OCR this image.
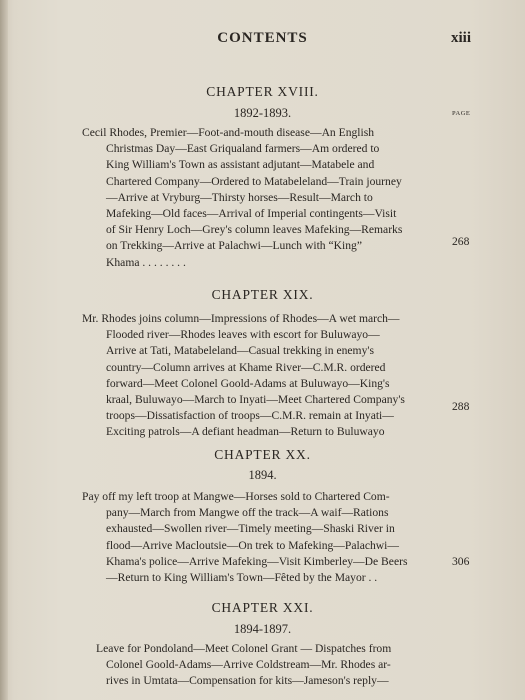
CONTENTS	xiii
CHAPTER XVIII.
1892-1893.	PAGE
Cecil Rhodes, Premier—Foot-and-mouth disease—An English
Christmas Day—East Griqualand farmers—Am ordered to
King William's Town as assistant adjutant—Matabele and
Chartered Company—Ordered to Matabeleland—Train journey
—Arrive at Vryburg—Thirsty horses—Result—March to
Mafeking—Old faces—Arrival of Imperial contingents—Visit
of Sir Henry Loch—Grey's column leaves Mafeking—Remarks
on Trekking—Arrive at Palachwi—Lunch with “King”
Khama . . . . . . . .
268
CHAPTER XIX.
Mr. Rhodes joins column—Impressions of Rhodes—A wet march—
Flooded river—Rhodes leaves with escort for Buluwayo—
Arrive at Tati, Matabeleland—Casual trekking in enemy's
country—Column arrives at Khame River—C.M.R. ordered
forward—Meet Colonel Goold-Adams at Buluwayo—King's
kraal, Buluwayo—March to Inyati—Meet Chartered Company's
troops—Dissatisfaction of troops—C.M.R. remain at Inyati—
Exciting patrols—A defiant headman—Return to Buluwayo
288
CHAPTER XX.
1894.
Pay off my left troop at Mangwe—Horses sold to Chartered Com-
pany—March from Mangwe off the track—A waif—Rations
exhausted—Swollen river—Timely meeting—Shaski River in
flood—Arrive Macloutsie—On trek to Mafeking—Palachwi—
Khama's police—Arrive Mafeking—Visit Kimberley—De Beers
—Return to King William's Town—Fêted by the Mayor . .
306
CHAPTER XXI.
1894-1897.
Leave for Pondoland—Meet Colonel Grant — Dispatches from
Colonel Goold-Adams—Arrive Coldstream—Mr. Rhodes ar-
rives in Umtata—Compensation for kits—Jameson's reply—
